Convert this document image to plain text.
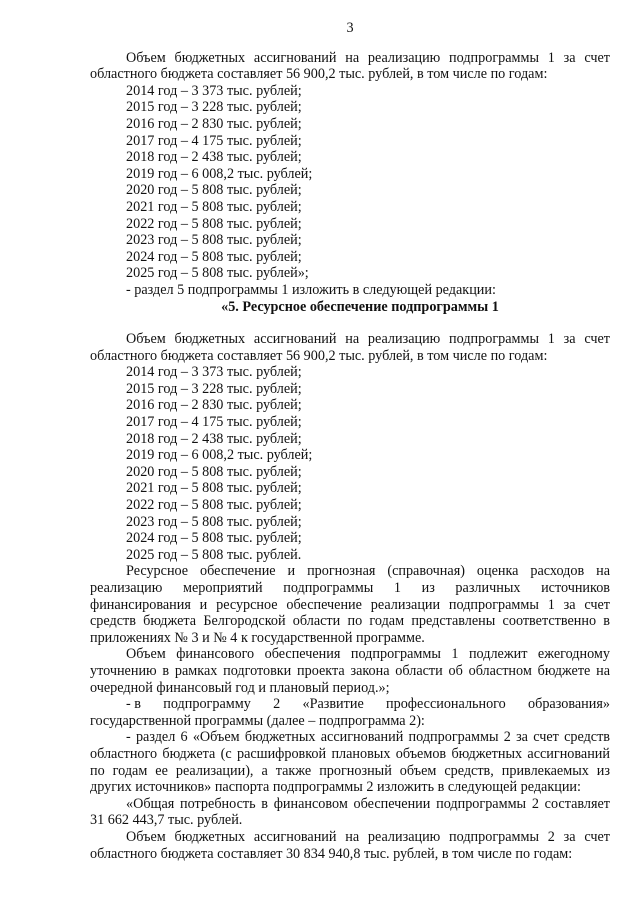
3

Объем бюджетных ассигнований на реализацию подпрограммы 1 за счет областного бюджета составляет 56 900,2 тыс. рублей, в том числе по годам:

2014 год – 3 373 тыс. рублей;
2015 год – 3 228 тыс. рублей;
2016 год – 2 830 тыс. рублей;
2017 год – 4 175 тыс. рублей;
2018 год – 2 438 тыс. рублей;
2019 год – 6 008,2 тыс. рублей;
2020 год – 5 808 тыс. рублей;
2021 год – 5 808 тыс. рублей;
2022 год – 5 808 тыс. рублей;
2023 год – 5 808 тыс. рублей;
2024 год – 5 808 тыс. рублей;
2025 год – 5 808 тыс. рублей»;
- раздел 5 подпрограммы 1 изложить в следующей редакции:
«5. Ресурсное обеспечение подпрограммы 1

Объем бюджетных ассигнований на реализацию подпрограммы 1 за счет областного бюджета составляет 56 900,2 тыс. рублей, в том числе по годам:

2014 год – 3 373 тыс. рублей;
2015 год – 3 228 тыс. рублей;
2016 год – 2 830 тыс. рублей;
2017 год – 4 175 тыс. рублей;
2018 год – 2 438 тыс. рублей;
2019 год – 6 008,2 тыс. рублей;
2020 год – 5 808 тыс. рублей;
2021 год – 5 808 тыс. рублей;
2022 год – 5 808 тыс. рублей;
2023 год – 5 808 тыс. рублей;
2024 год – 5 808 тыс. рублей;
2025 год – 5 808 тыс. рублей.

Ресурсное обеспечение и прогнозная (справочная) оценка расходов на реализацию мероприятий подпрограммы 1 из различных источников финансирования и ресурсное обеспечение реализации подпрограммы 1 за счет средств бюджета Белгородской области по годам представлены соответственно в приложениях № 3 и № 4 к государственной программе.

Объем финансового обеспечения подпрограммы 1 подлежит ежегодному уточнению в рамках подготовки проекта закона области об областном бюджете на очередной финансовый год и плановый период.»;

- в подпрограмму 2 «Развитие профессионального образования»
государственной программы (далее – подпрограмма 2):

- раздел 6 «Объем бюджетных ассигнований подпрограммы 2 за счет средств областного бюджета (с расшифровкой плановых объемов бюджетных ассигнований по годам ее реализации), а также прогнозный объем средств, привлекаемых из других источников» паспорта подпрограммы 2 изложить в следующей редакции:

«Общая потребность в финансовом обеспечении подпрограммы 2 составляет 31 662 443,7 тыс. рублей.

Объем бюджетных ассигнований на реализацию подпрограммы 2 за счет областного бюджета составляет 30 834 940,8 тыс. рублей, в том числе по годам:
